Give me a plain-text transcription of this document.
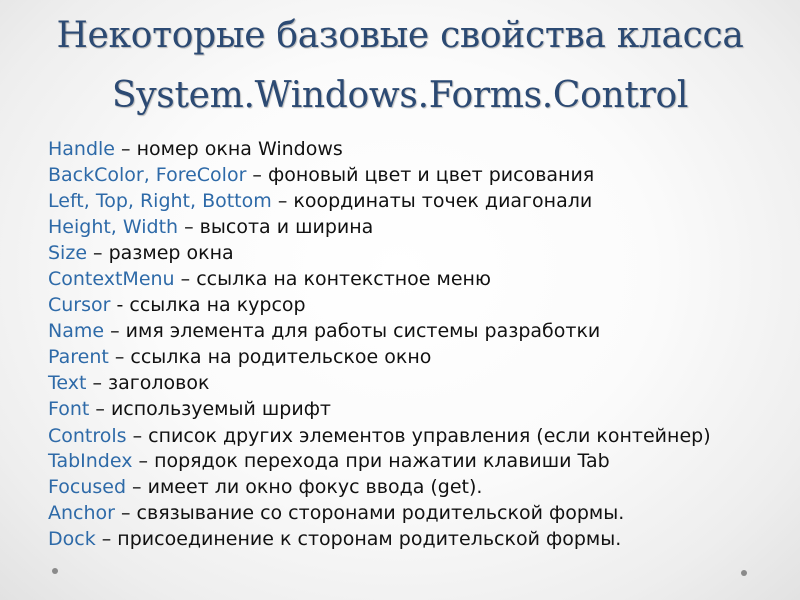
Некоторые базовые свойства класса
System.Windows.Forms.Control
Handle – номер окна Windows
BackColor, ForeColor – фоновый цвет и цвет рисования
Left, Top, Right, Bottom – координаты точек диагонали
Height, Width – высота и ширина
Size – размер окна
ContextMenu – ссылка на контекстное меню
Cursor - ссылка на курсор
Name – имя элемента для работы системы разработки
Parent – ссылка на родительское окно
Text – заголовок
Font – используемый шрифт
Controls – список других элементов управления (если контейнер)
TabIndex – порядок перехода при нажатии клавиши Tab
Focused – имеет ли окно фокус ввода (get).
Anchor – связывание со сторонами родительской формы.
Dock – присоединение к сторонам родительской формы.
